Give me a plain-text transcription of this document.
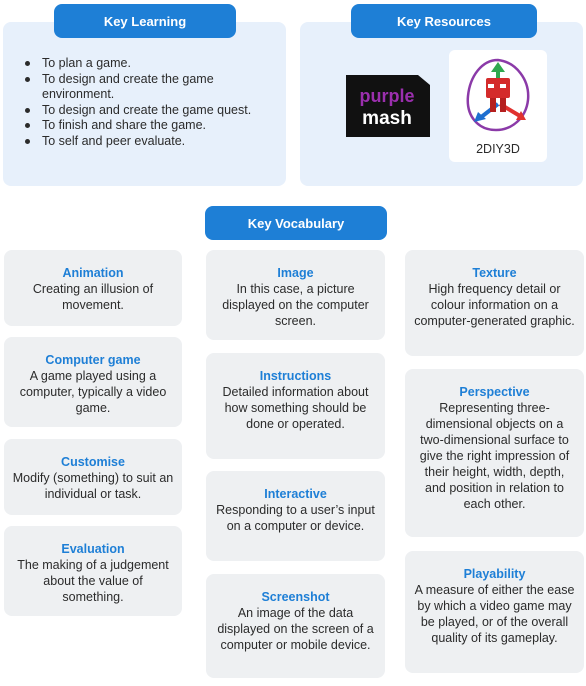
To plan a game.
To design and create the game environment.
To design and create the game quest.
To finish and share the game.
To self and peer evaluate.
Key Learning	Key Resources
purple
mash
2DIY3D
Key Vocabulary
Animation
Creating an illusion of movement.
Computer game
A game played using a computer, typically a video game.
Customise
Modify (something) to suit an individual or task.
Evaluation
The making of a judgement about the value of something.
Image
In this case, a picture displayed on the computer screen.
Instructions
Detailed information about how something should be done or operated.
Interactive
Responding to a user’s input on a computer or device.
Screenshot
An image of the data displayed on the screen of a computer or mobile device.
Texture
High frequency detail or colour information on a computer-generated graphic.
Perspective
Representing three-dimensional objects on a two-dimensional surface to give the right impression of their height, width, depth, and position in relation to each other.
Playability
A measure of either the ease by which a video game may be played, or of the overall quality of its gameplay.
